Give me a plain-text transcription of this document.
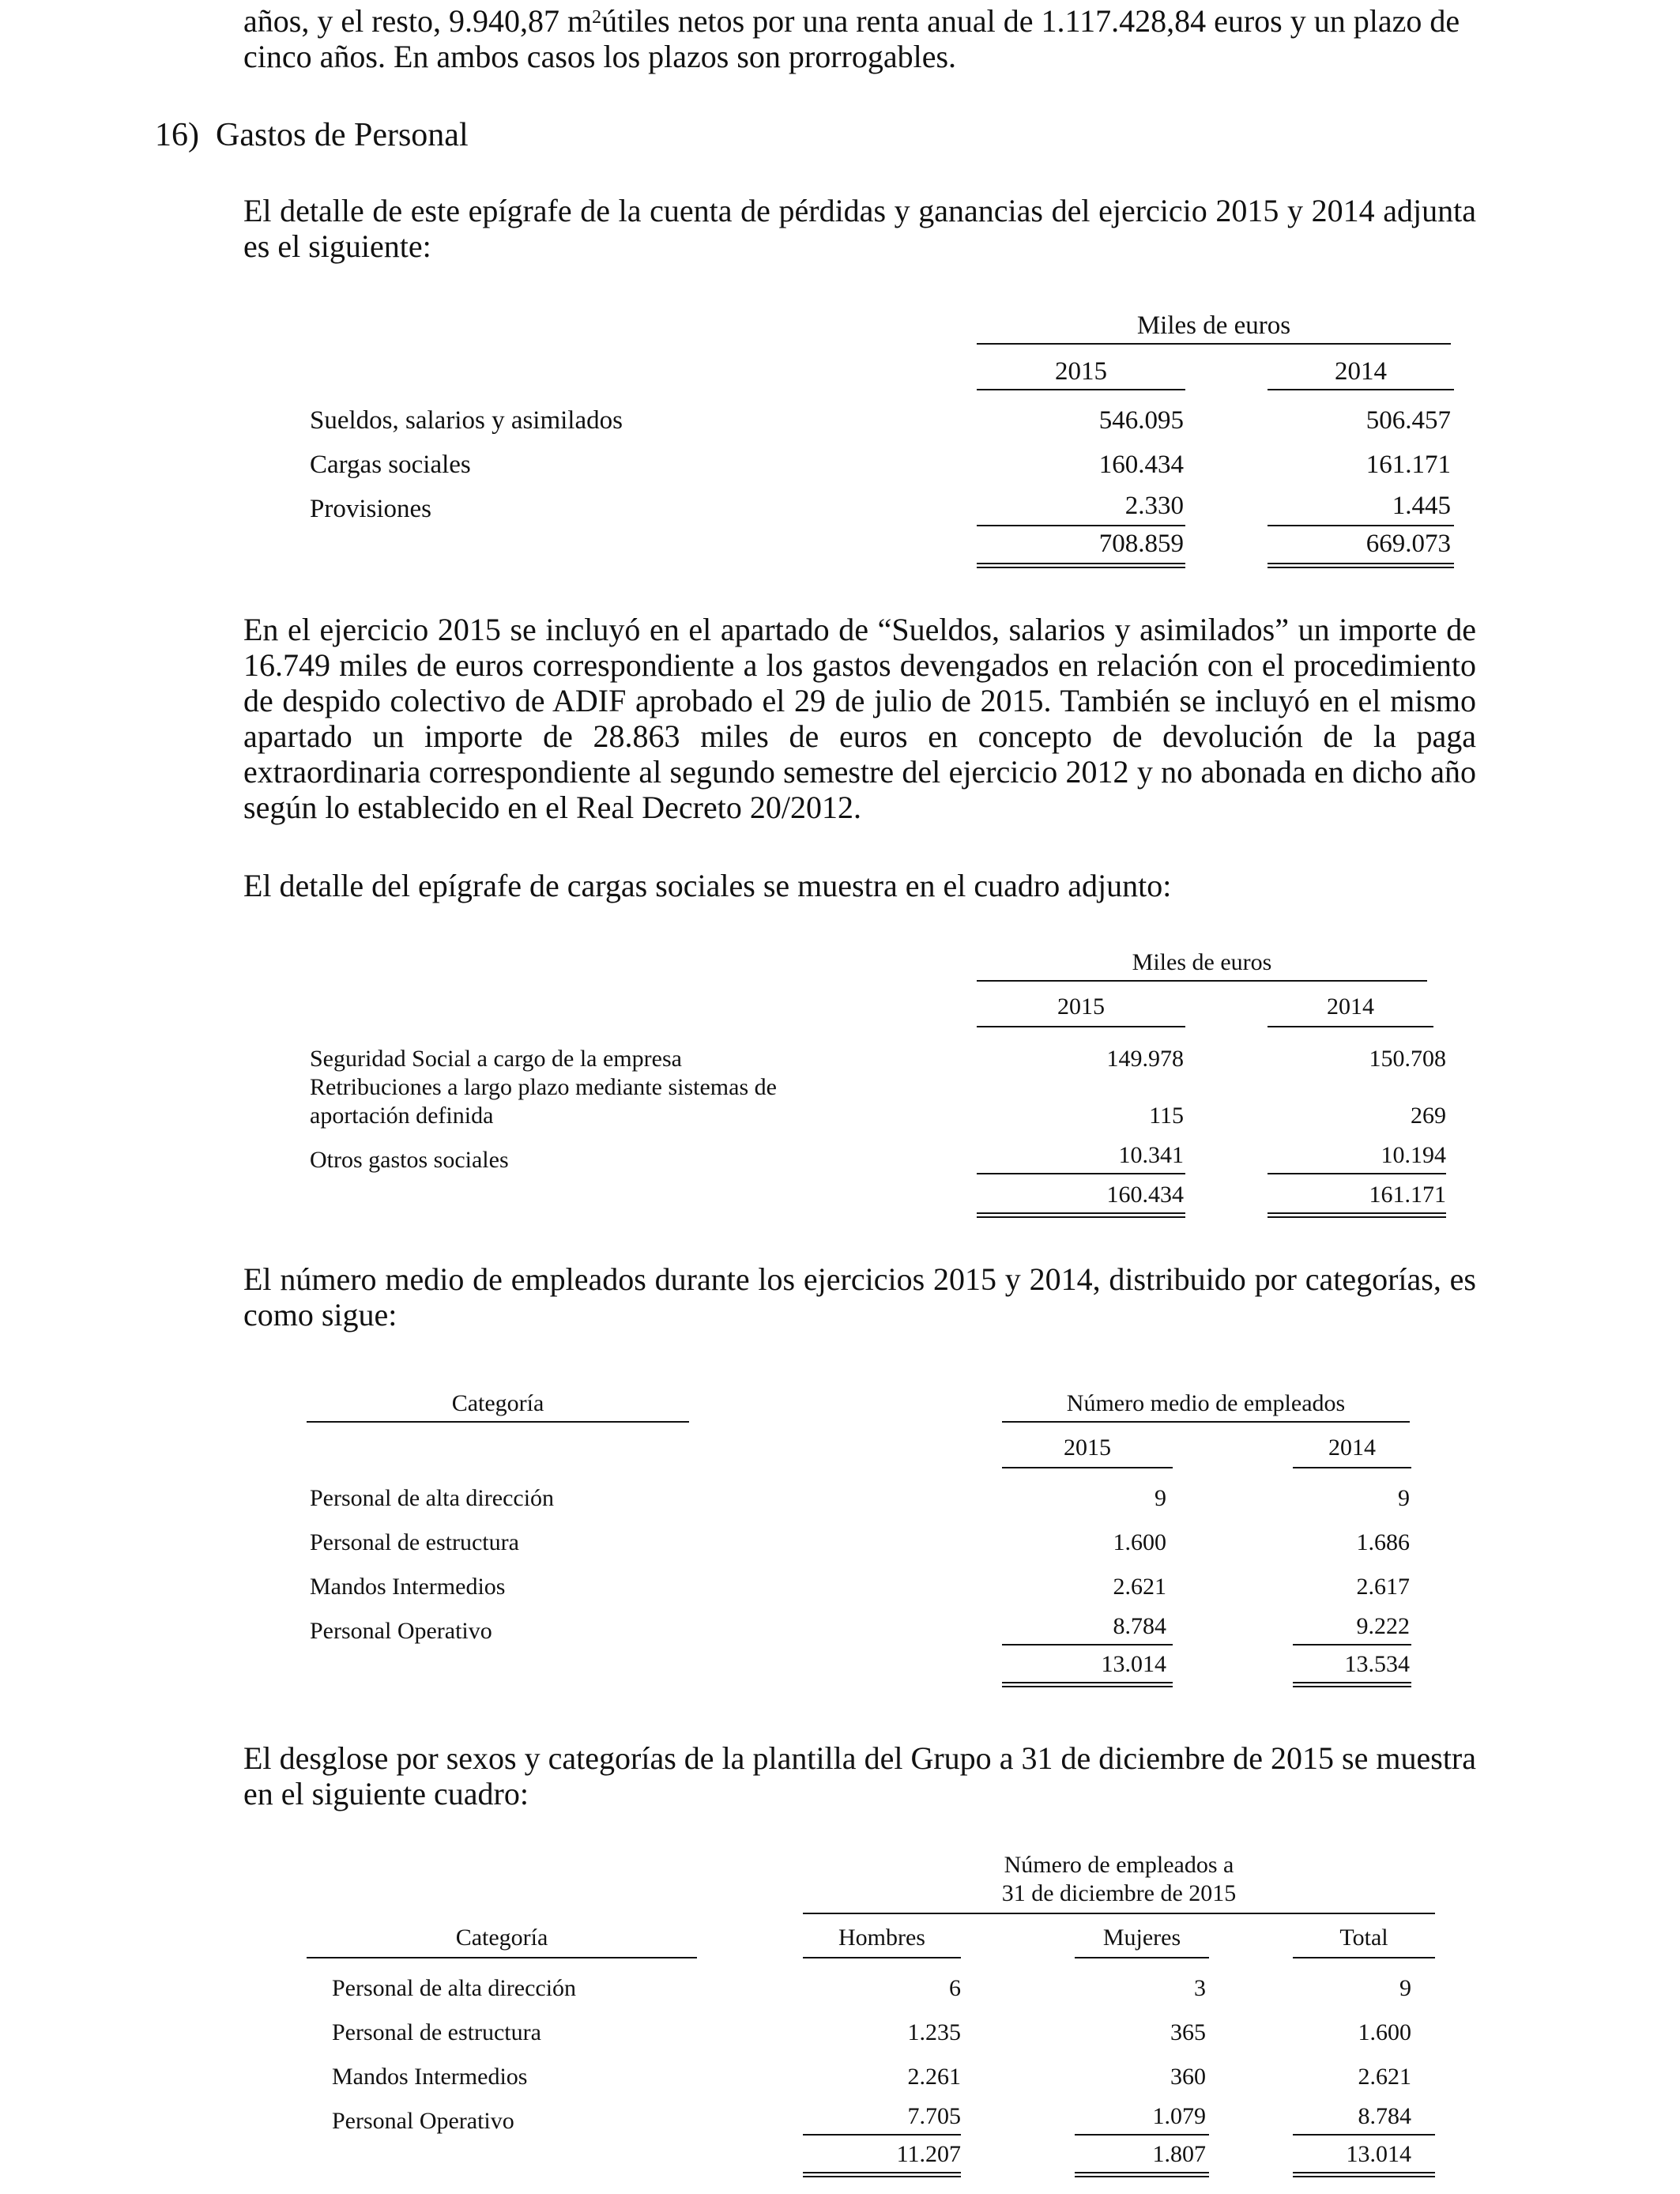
años, y el resto, 9.940,87 $m^2útiles$ netos por una renta anual de 1.117.428,84 euros y un plazo de
cinco años. En ambos casos los plazos son prorrogables.
16) Gastos de Personal
El detalle de este epígrafe de la cuenta de pérdidas y ganancias del ejercicio 2015 y 2014 adjunta es el siguiente:
Miles de euros
2015	2014
Sueldos, salarios y asimilados	546.095	506.457
Cargas sociales	160.434	161.171
Provisiones	2.330	1.445
708.859	669.073
En el ejercicio 2015 se incluyó en el apartado de “Sueldos, salarios y asimilados” un importe de 16.749 miles de euros correspondiente a los gastos devengados en relación con el procedimiento de despido colectivo de ADIF aprobado el 29 de julio de 2015. También se incluyó en el mismo apartado un importe de 28.863 miles de euros en concepto de devolución de la paga extraordinaria correspondiente al segundo semestre del ejercicio 2012 y no abonada en dicho año según lo establecido en el Real Decreto 20/2012.
El detalle del epígrafe de cargas sociales se muestra en el cuadro adjunto:
Miles de euros
2015	2014
Seguridad Social a cargo de la empresa	149.978	150.708
Retribuciones a largo plazo mediante sistemas de
aportación definida	115	269
Otros gastos sociales	10.341	10.194
160.434	161.171
El número medio de empleados durante los ejercicios 2015 y 2014, distribuido por categorías, es como sigue:
Categoría	Número medio de empleados
2015	2014
Personal de alta dirección	9	9
Personal de estructura	1.600	1.686
Mandos Intermedios	2.621	2.617
Personal Operativo	8.784	9.222
13.014	13.534
El desglose por sexos y categorías de la plantilla del Grupo a 31 de diciembre de 2015 se muestra en el siguiente cuadro:
Número de empleados a
31 de diciembre de 2015
Categoría	Hombres	Mujeres	Total
Personal de alta dirección	6	3	9
Personal de estructura	1.235	365	1.600
Mandos Intermedios	2.261	360	2.621
Personal Operativo	7.705	1.079	8.784
11.207	1.807	13.014
